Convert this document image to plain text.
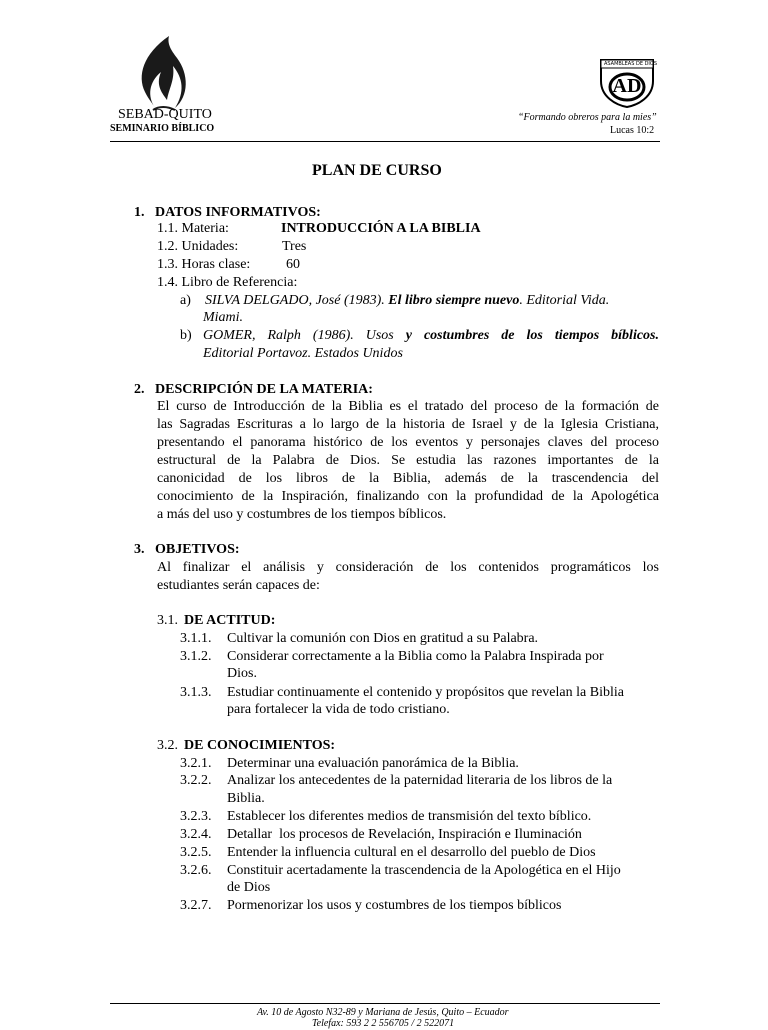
SEBAD-QUITO
SEMINARIO BÍBLICO
ASAMBLEAS DE DIOS
AD
“Formando obreros para la mies”
Lucas 10:2
PLAN DE CURSO
1.   DATOS INFORMATIVOS:
1.1. Materia:	INTRODUCCIÓN A LA BIBLIA
1.2. Unidades:	Tres
1.3. Horas clase:	60
1.4. Libro de Referencia:
a) SILVA DELGADO, José (1983). El libro siempre nuevo. Editorial Vida.
Miami.
b) GOMER, Ralph (1986). Usos y costumbres de los tiempos bíblicos.
Editorial Portavoz. Estados Unidos
2.   DESCRIPCIÓN DE LA MATERIA:
El curso de Introducción de la Biblia es el tratado del proceso de la formación de
las Sagradas Escrituras a lo largo de la historia de Israel y de la Iglesia Cristiana,
presentando el panorama histórico de los eventos y personajes claves del proceso
estructural de la Palabra de Dios. Se estudia las razones importantes de la
canonicidad de los libros de la Biblia, además de la trascendencia del
conocimiento de la Inspiración, finalizando con la profundidad de la Apologética
a más del uso y costumbres de los tiempos bíblicos.
3.   OBJETIVOS:
Al finalizar el análisis y consideración de los contenidos programáticos los
estudiantes serán capaces de:
3.1. DE ACTITUD:
3.1.1. Cultivar la comunión con Dios en gratitud a su Palabra.
3.1.2. Considerar correctamente a la Biblia como la Palabra Inspirada por
Dios.
3.1.3. Estudiar continuamente el contenido y propósitos que revelan la Biblia
para fortalecer la vida de todo cristiano.
3.2. DE CONOCIMIENTOS:
3.2.1. Determinar una evaluación panorámica de la Biblia.
3.2.2. Analizar los antecedentes de la paternidad literaria de los libros de la
Biblia.
3.2.3. Establecer los diferentes medios de transmisión del texto bíblico.
3.2.4. Detallar  los procesos de Revelación, Inspiración e Iluminación
3.2.5. Entender la influencia cultural en el desarrollo del pueblo de Dios
3.2.6. Constituir acertadamente la trascendencia de la Apologética en el Hijo
de Dios
3.2.7. Pormenorizar los usos y costumbres de los tiempos bíblicos
Av. 10 de Agosto N32-89 y Mariana de Jesús, Quito – Ecuador
Telefax: 593 2 2 556705 / 2 522071
